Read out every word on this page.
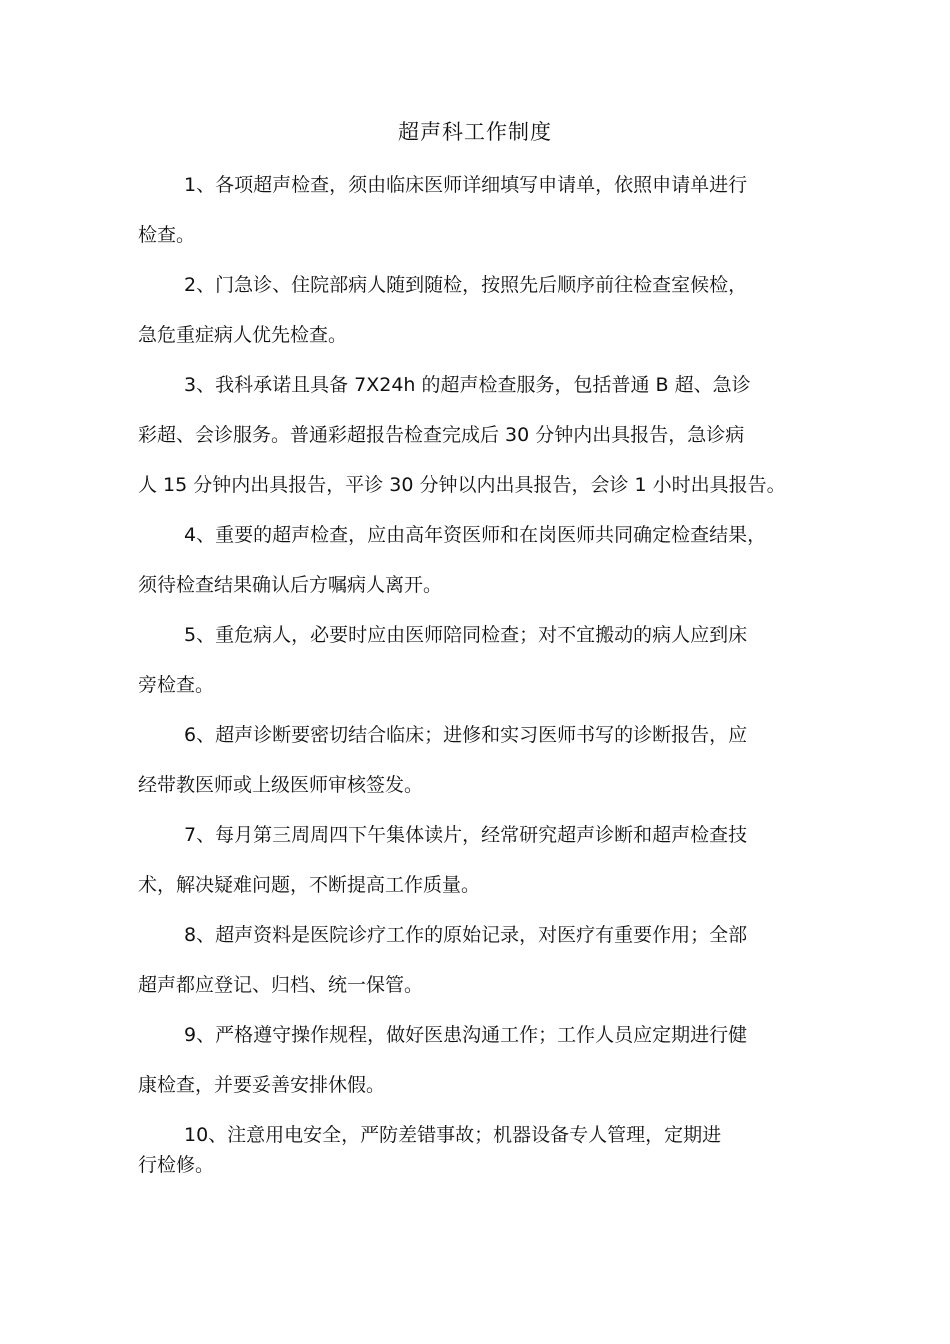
超声科工作制度
1、各项超声检查，须由临床医师详细填写申请单，依照申请单进行
检查。
2、门急诊、住院部病人随到随检，按照先后顺序前往检查室候检，
急危重症病人优先检查。
3、我科承诺且具备 7X24h 的超声检查服务，包括普通 B 超、急诊
彩超、会诊服务。普通彩超报告检查完成后 30 分钟内出具报告，急诊病
人 15 分钟内出具报告，平诊 30 分钟以内出具报告，会诊 1 小时出具报告。
4、重要的超声检查，应由高年资医师和在岗医师共同确定检查结果，
须待检查结果确认后方嘱病人离开。
5、重危病人，必要时应由医师陪同检查；对不宜搬动的病人应到床
旁检查。
6、超声诊断要密切结合临床；进修和实习医师书写的诊断报告，应
经带教医师或上级医师审核签发。
7、每月第三周周四下午集体读片，经常研究超声诊断和超声检查技
术，解决疑难问题，不断提高工作质量。
8、超声资料是医院诊疗工作的原始记录，对医疗有重要作用；全部
超声都应登记、归档、统一保管。
9、严格遵守操作规程，做好医患沟通工作；工作人员应定期进行健
康检查，并要妥善安排休假。
10、注意用电安全，严防差错事故；机器设备专人管理，定期进
行检修。
